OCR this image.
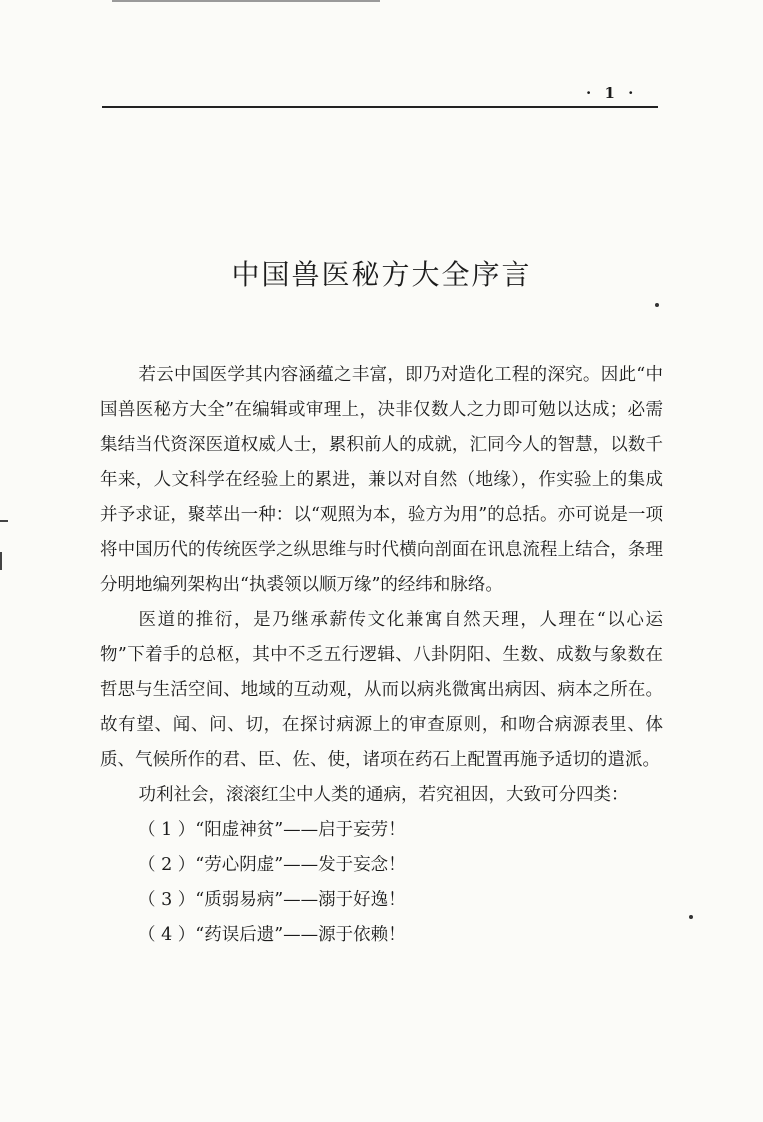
· 1 ·
中国兽医秘方大全序言

若云中国医学其内容涵蕴之丰富，即乃对造化工程的深究。因此“中国兽医秘方大全”在编辑或审理上，决非仅数人之力即可勉以达成；必需集结当代资深医道权威人士，累积前人的成就，汇同今人的智慧，以数千年来，人文科学在经验上的累进，兼以对自然（地缘），作实验上的集成并予求证，聚萃出一种：以“观照为本，验方为用”的总括。亦可说是一项将中国历代的传统医学之纵思维与时代横向剖面在讯息流程上结合，条理分明地编列架构出“执裘领以顺万缘”的经纬和脉络。

医道的推衍，是乃继承薪传文化兼寓自然天理，人理在“以心运物”下着手的总枢，其中不乏五行逻辑、八卦阴阳、生数、成数与象数在哲思与生活空间、地域的互动观，从而以病兆微寓出病因、病本之所在。故有望、闻、问、切，在探讨病源上的审查原则，和吻合病源表里、体质、气候所作的君、臣、佐、使，诸项在药石上配置再施予适切的遣派。

功利社会，滚滚红尘中人类的通病，若究祖因，大致可分四类：

（ 1 ）“阳虚神贫”——启于妄劳！
（ 2 ）“劳心阴虚”——发于妄念！
（ 3 ）“质弱易病”——溺于好逸！
（ 4 ）“药误后遗”——源于依赖！
